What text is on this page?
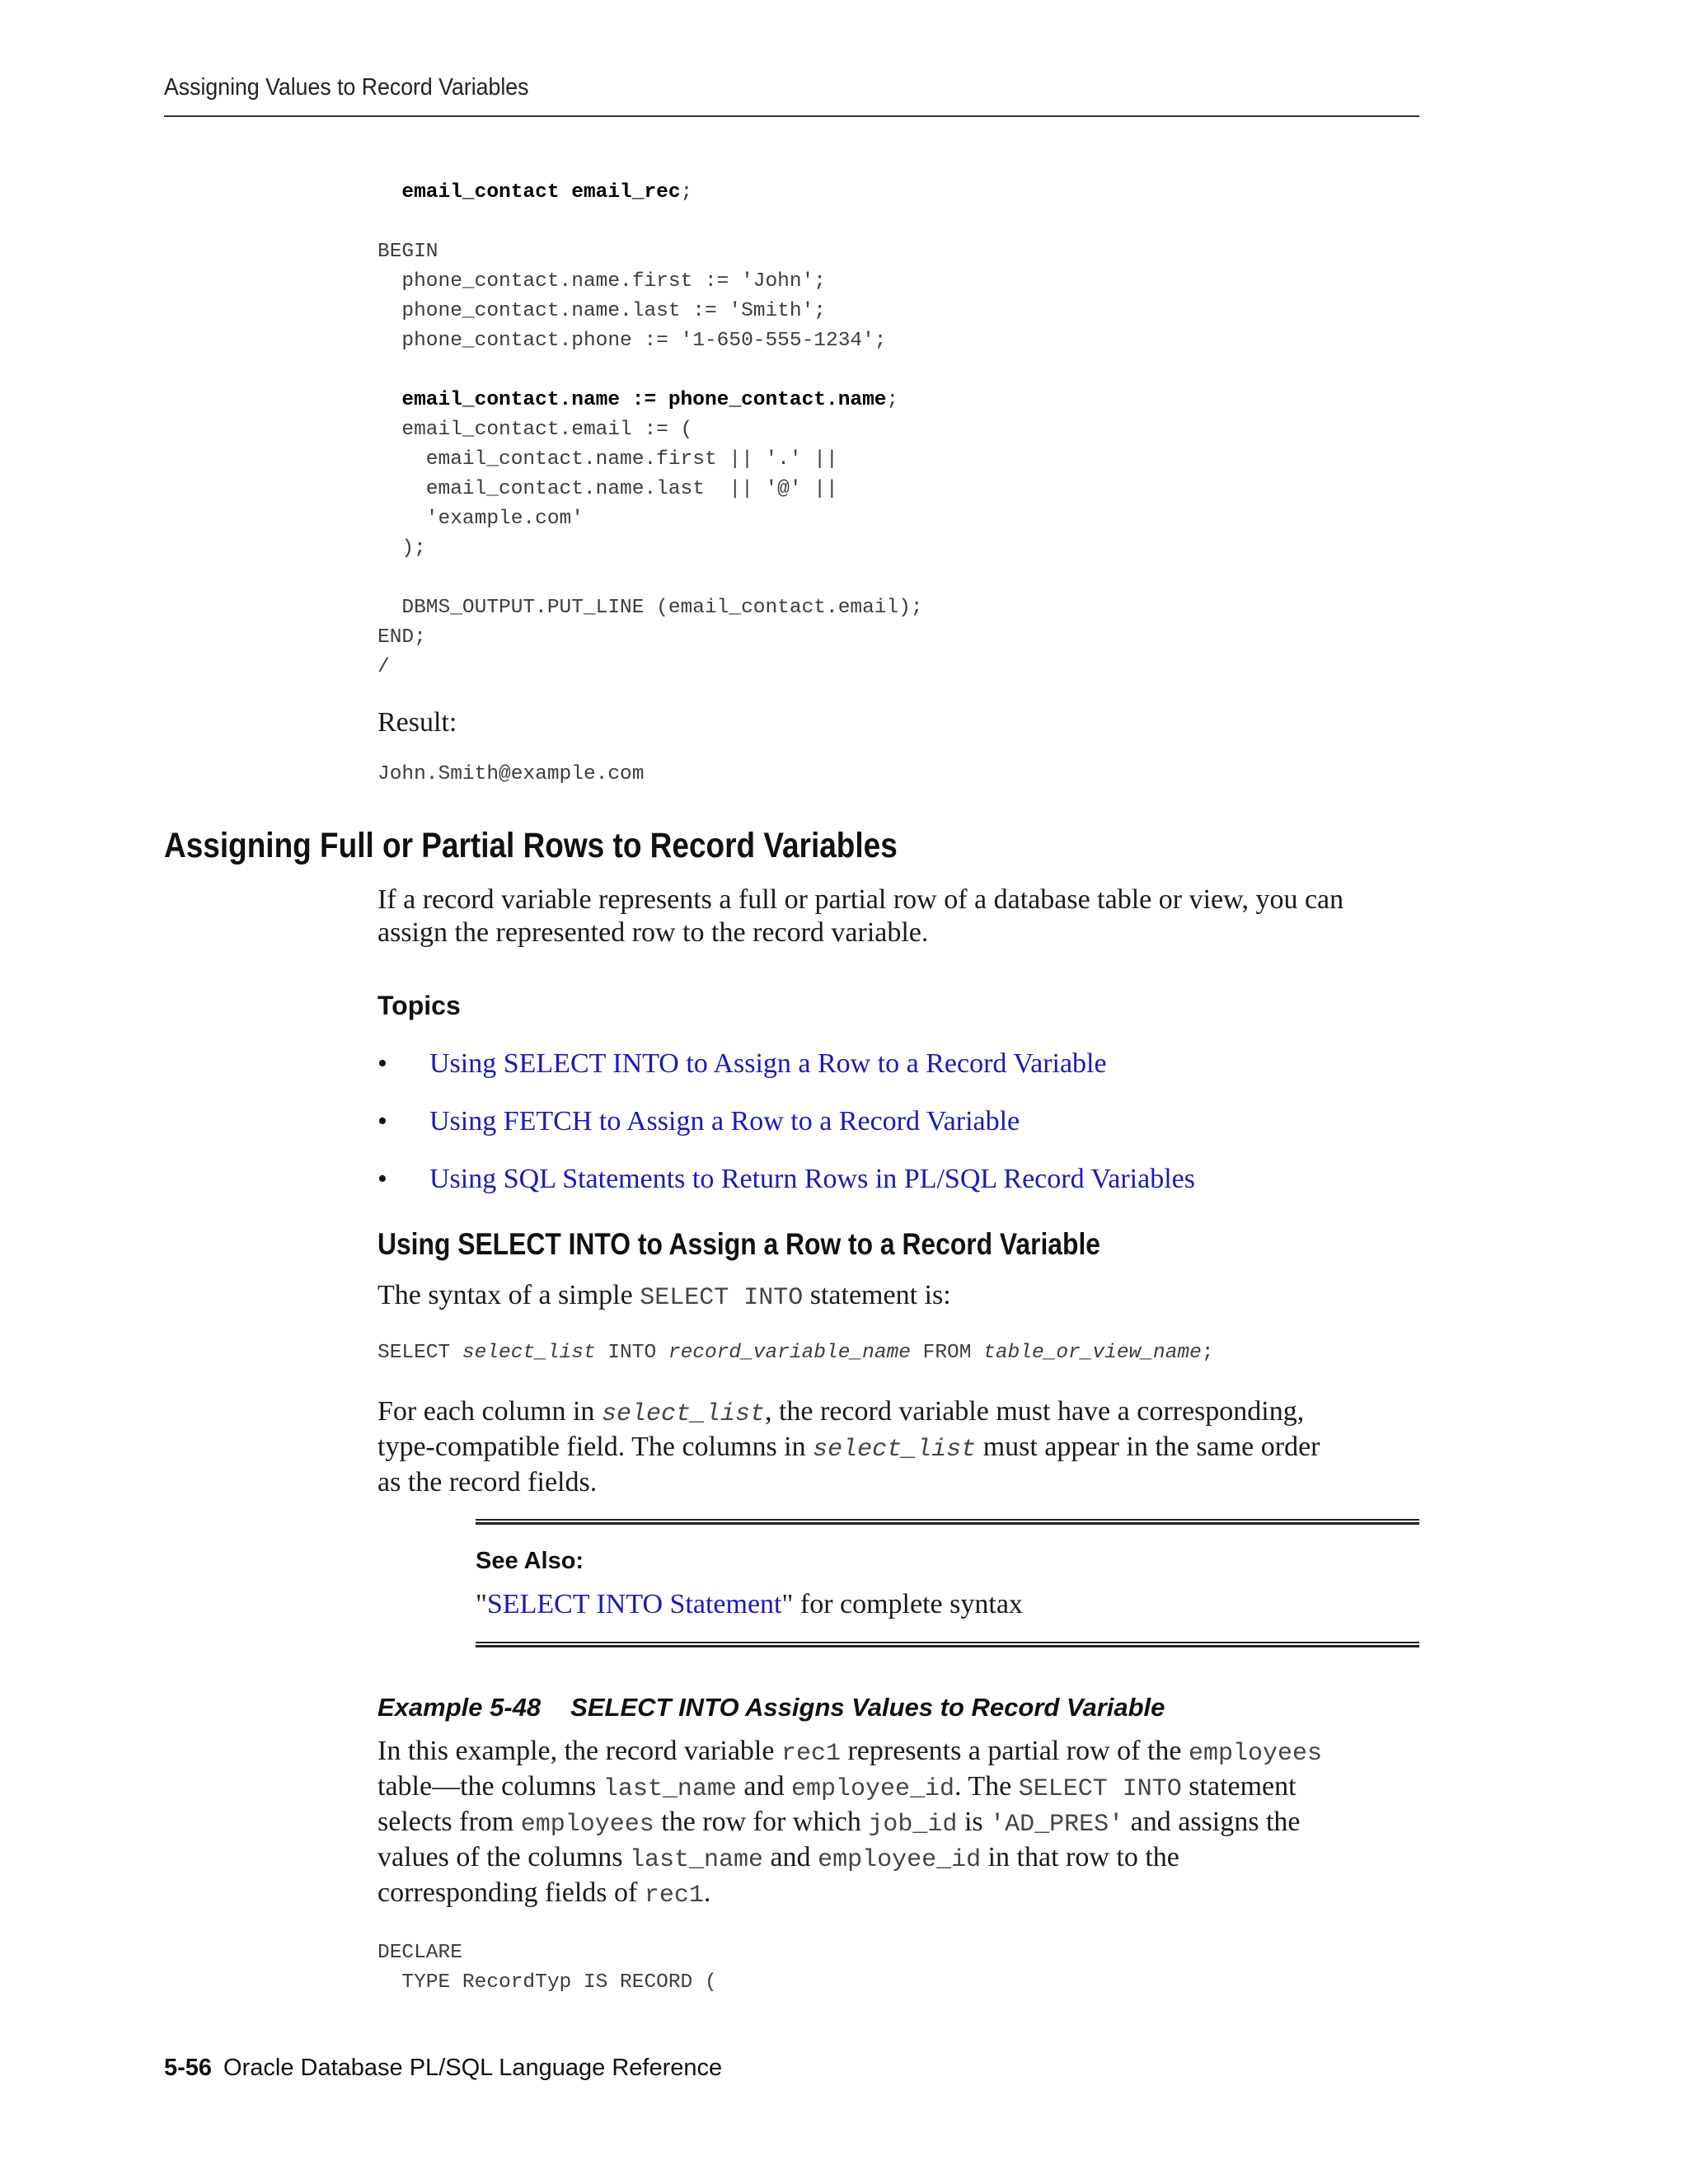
Assigning Values to Record Variables
email_contact email_rec;

BEGIN
phone_contact.name.first := 'John';
phone_contact.name.last := 'Smith';
phone_contact.phone := '1-650-555-1234';

email_contact.name := phone_contact.name;
email_contact.email := (
email_contact.name.first || '.' ||
email_contact.name.last  || '@' ||
'example.com'
);

DBMS_OUTPUT.PUT_LINE (email_contact.email);
END;
/
Result:
John.Smith@example.com
Assigning Full or Partial Rows to Record Variables
If a record variable represents a full or partial row of a database table or view, you can
assign the represented row to the record variable.
Topics
• Using SELECT INTO to Assign a Row to a Record Variable
• Using FETCH to Assign a Row to a Record Variable
• Using SQL Statements to Return Rows in PL/SQL Record Variables
Using SELECT INTO to Assign a Row to a Record Variable
The syntax of a simple SELECT INTO statement is:
SELECT select_list INTO record_variable_name FROM table_or_view_name;
For each column in select_list, the record variable must have a corresponding,
type-compatible field. The columns in select_list must appear in the same order
as the record fields.
See Also:
"SELECT INTO Statement" for complete syntax
Example 5-48 SELECT INTO Assigns Values to Record Variable
In this example, the record variable rec1 represents a partial row of the employees
table—the columns last_name and employee_id. The SELECT INTO statement
selects from employees the row for which job_id is 'AD_PRES' and assigns the
values of the columns last_name and employee_id in that row to the
corresponding fields of rec1.
DECLARE
TYPE RecordTyp IS RECORD (
5-56 Oracle Database PL/SQL Language Reference
